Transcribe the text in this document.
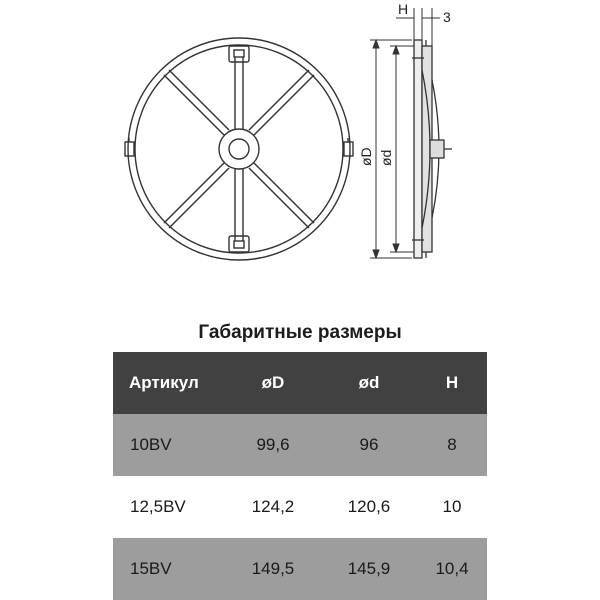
H 3
øD ød
Габаритные размеры
Артикул	øD	ød	H
10BV	99,6	96	8
12,5BV	124,2	120,6	10
15BV	149,5	145,9	10,4
